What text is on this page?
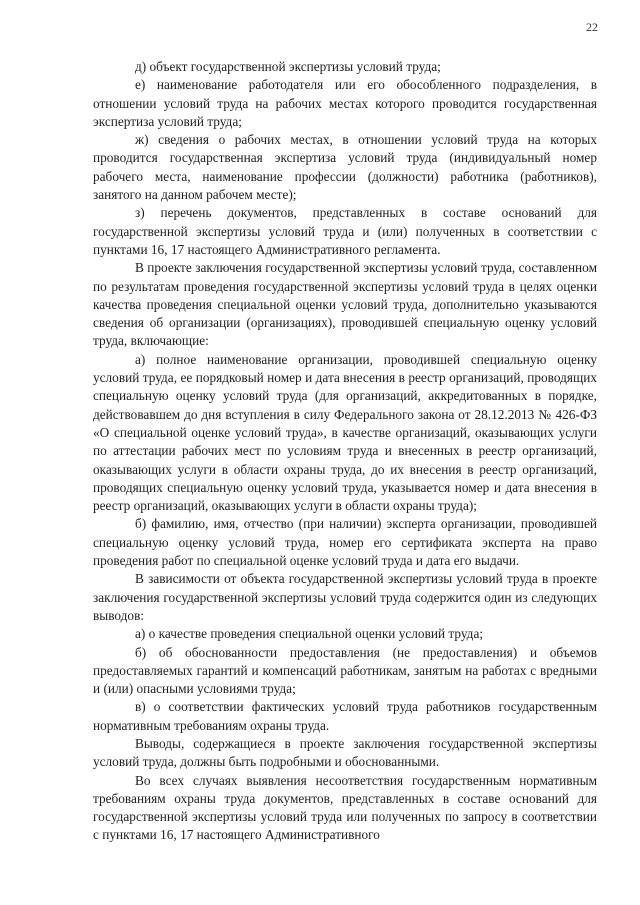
22

д) объект государственной экспертизы условий труда;

е) наименование работодателя или его обособленного подразделения, в отношении условий труда на рабочих местах которого проводится государственная экспертиза условий труда;

ж) сведения о рабочих местах, в отношении условий труда на которых проводится государственная экспертиза условий труда (индивидуальный номер рабочего места, наименование профессии (должности) работника (работников), занятого на данном рабочем месте);

з) перечень документов, представленных в составе оснований для государственной экспертизы условий труда и (или) полученных в соответствии с пунктами 16, 17 настоящего Административного регламента.

В проекте заключения государственной экспертизы условий труда, составленном по результатам проведения государственной экспертизы условий труда в целях оценки качества проведения специальной оценки условий труда, дополнительно указываются сведения об организации (организациях), проводившей специальную оценку условий труда, включающие:

а) полное наименование организации, проводившей специальную оценку условий труда, ее порядковый номер и дата внесения в реестр организаций, проводящих специальную оценку условий труда (для организаций, аккредитованных в порядке, действовавшем до дня вступления в силу Федерального закона от 28.12.2013 № 426-ФЗ «О специальной оценке условий труда», в качестве организаций, оказывающих услуги по аттестации рабочих мест по условиям труда и внесенных в реестр организаций, оказывающих услуги в области охраны труда, до их внесения в реестр организаций, проводящих специальную оценку условий труда, указывается номер и дата внесения в реестр организаций, оказывающих услуги в области охраны труда);

б) фамилию, имя, отчество (при наличии) эксперта организации, проводившей специальную оценку условий труда, номер его сертификата эксперта на право проведения работ по специальной оценке условий труда и дата его выдачи.

В зависимости от объекта государственной экспертизы условий труда в проекте заключения государственной экспертизы условий труда содержится один из следующих выводов:

а) о качестве проведения специальной оценки условий труда;

б) об обоснованности предоставления (не предоставления) и объемов предоставляемых гарантий и компенсаций работникам, занятым на работах с вредными и (или) опасными условиями труда;

в) о соответствии фактических условий труда работников государственным нормативным требованиям охраны труда.

Выводы, содержащиеся в проекте заключения государственной экспертизы условий труда, должны быть подробными и обоснованными.

Во всех случаях выявления несоответствия государственным нормативным требованиям охраны труда документов, представленных в составе оснований для государственной экспертизы условий труда или полученных по запросу в соответствии с пунктами 16, 17 настоящего Административного
